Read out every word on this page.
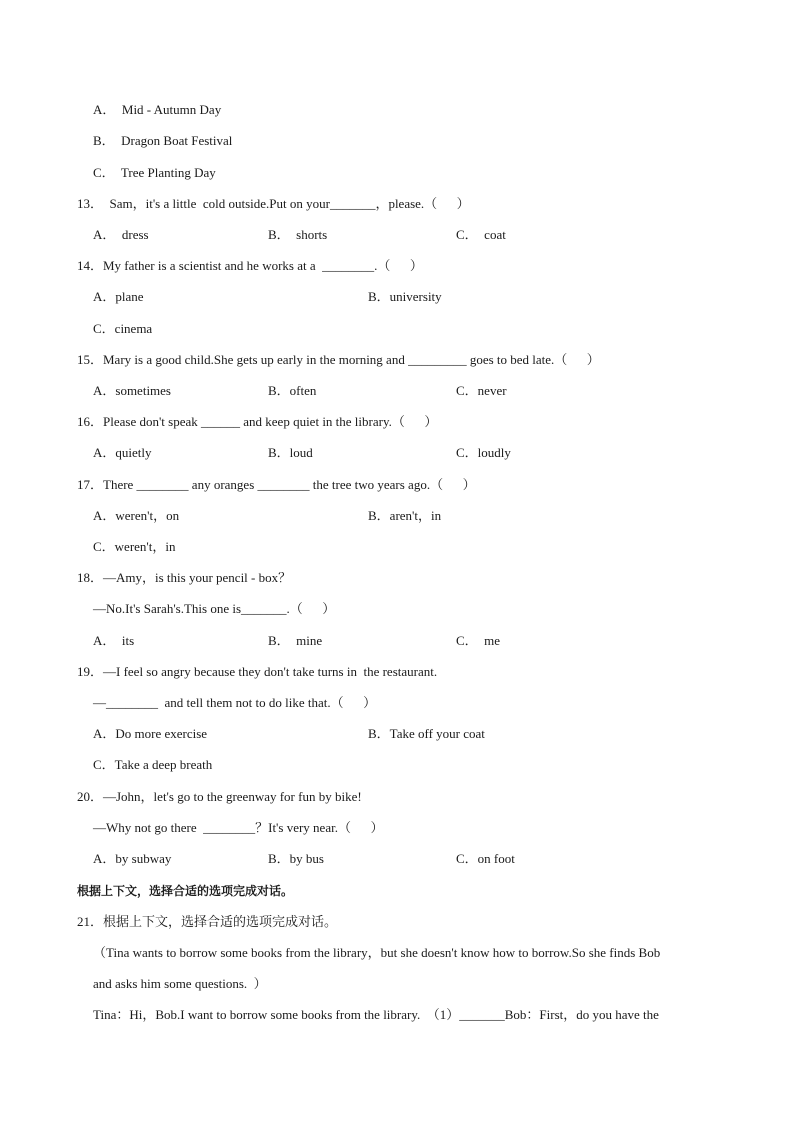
A．  Mid - Autumn Day
B．  Dragon Boat Festival
C．  Tree Planting Day
13．  Sam，it's a little  cold outside.Put on your_______，please.（      ）
A．  dress	B．  shorts	C．  coat
14．My father is a scientist and he works at a  ________.（      ）
A．plane	B．university
C．cinema
15．Mary is a good child.She gets up early in the morning and _________ goes to bed late.（      ）
A．sometimes	B．often	C．never
16．Please don't speak ______ and keep quiet in the library.（      ）
A．quietly	B．loud	C．loudly
17．There ________ any oranges ________ the tree two years ago.（      ）
A．weren't，on	B．aren't，in
C．weren't，in
18．—Amy，is this your pencil - box？
—No.It's Sarah's.This one is_______.（      ）
A．  its	B．  mine	C．  me
19．—I feel so angry because they don't take turns in  the restaurant.
—________  and tell them not to do like that.（      ）
A．Do more exercise	B．Take off your coat
C．Take a deep breath
20．—John，let's go to the greenway for fun by bike!
—Why not go there  ________？It's very near.（      ）
A．by subway	B．by bus	C．on foot
根据上下文，选择合适的选项完成对话。
21．根据上下文，选择合适的选项完成对话。
（Tina wants to borrow some books from the library，but she doesn't know how to borrow.So she finds Bob
and asks him some questions.  ）
Tina：Hi，Bob.I want to borrow some books from the library.  （1）_______Bob：First，do you have the
